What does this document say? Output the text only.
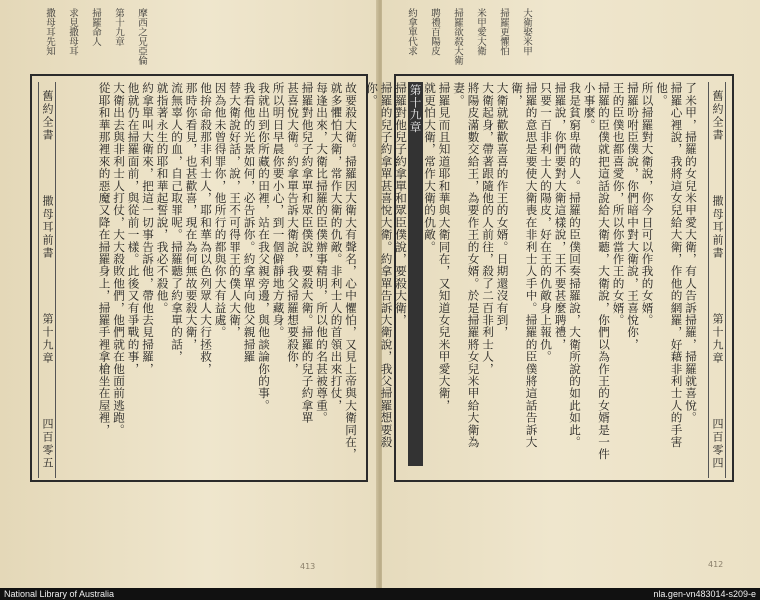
摩西之兄亞倫
第十九章
掃羅命人
求見撒母耳
撒母耳先知
舊約全書
撒母耳前書
第十九章
四百零五	故要殺大衛。掃羅因大衛大有聲名，心中懼怕，又見上帝與大衛同在，

就多懼怕大衛，常作大衛的仇敵。非利士人的首領出來打仗，

每逢出來，大衛比掃羅的臣僕辦事精明，所以他的名甚被尊重。

掃羅對他兒子約拿單和眾臣僕說，要殺大衛。掃羅的兒子約拿單

甚喜悅大衛。約拿單告訴大衛說，我父掃羅想要殺你，

所以明日早晨你要小心，到一個僻靜地方藏身。

我就出到你所藏的田裡，站在我父親旁邊，與他談論你的事。

我看他的光景如何，必告訴你。約拿單向他父親掃羅

替大衛說好話，說，王不可得罪王的僕人大衛，

因為他未曾得罪你，他所行的都與你大有益處。

他拚命殺那非利士人，耶和華為以色列眾人大行拯救，

那時你看見，也甚歡喜，現在為何無故要殺大衛，

流無辜人的血，自己取罪呢。掃羅聽了約拿單的話，

就指著永生的耶和華起誓說，我必不殺他。

約拿單叫大衛來，把這一切事告訴他，帶他去見掃羅，

他就仍在掃羅面前，與從前一樣。此後又有爭戰的事，

大衛出去與非利士人打仗，大大殺敗他們，他們就在他面前逃跑。

從耶和華那裡來的惡魔又降在掃羅身上，掃羅手裡拿槍坐在屋裡，

413
大衛娶米甲
掃羅更懼怕
米甲愛大衛
掃羅欲殺大衛
聘禮百陽皮
約拿單代求
舊約全書
撒母耳前書
第十九章
四百零四

了米甲，掃羅的女兒米甲愛大衛，有人告訴掃羅，掃羅就喜悅。

掃羅心裡說，我將這女兒給大衛，作他的網羅，好藉非利士人的手害他。

所以掃羅對大衛說，你今日可以作我的女婿。

掃羅吩咐臣僕說，你們暗中對大衛說，王喜悅你，

王的臣僕也都喜愛你，所以你當作王的女婿。

掃羅的臣僕就把這話說給大衛聽，大衛說，你們以為作王的女婿是一件小事麼。

我是貧窮卑微的人。掃羅的臣僕回奏掃羅說，大衛所說的如此如此。

掃羅說，你們要對大衛這樣說，王不要甚麼聘禮，

只要一百非利士人的陽皮，好在王的仇敵身上報仇。

掃羅的意思是要使大衛喪在非利士人手中。掃羅的臣僕將這話告訴大衛，

大衛就歡歡喜喜的作王的女婿。日期還沒有到，

大衛起身，帶著跟隨他的人前往，殺了二百非利士人，

將陽皮滿數交給王，為要作王的女婿。於是掃羅將女兒米甲給大衛為妻。

掃羅見而且知道耶和華與大衛同在，又知道女兒米甲愛大衛，

就更怕大衛，常作大衛的仇敵。

第十九章

掃羅對他兒子約拿單和眾臣僕說，要殺大衛，

掃羅的兒子約拿單甚喜悅大衛。約拿單告訴大衛說，我父掃羅想要殺你。

412
National Library of Australia	nla.gen-vn483014-s209-e
